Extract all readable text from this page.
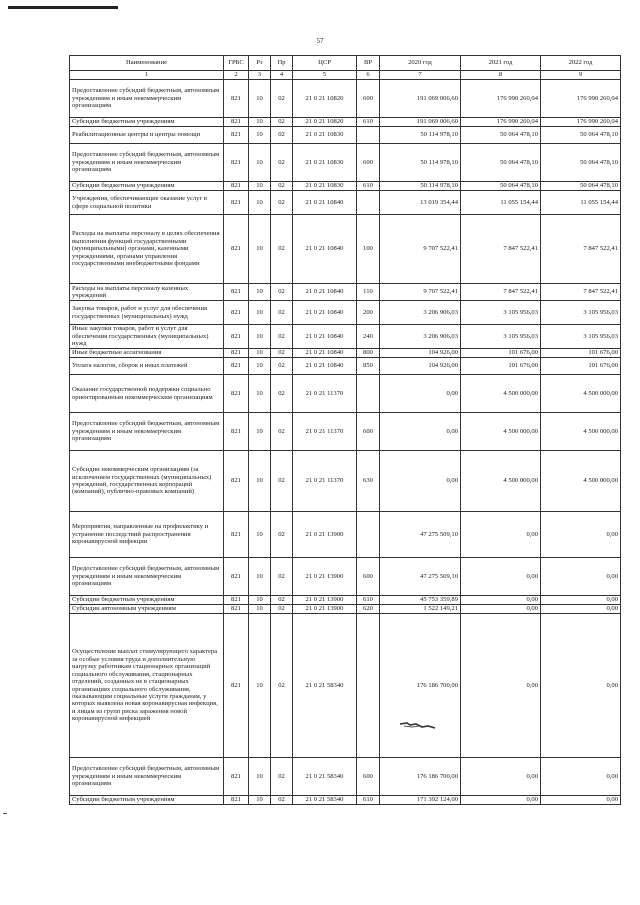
57
Наименование	ГРБС	Рз	Пр	ЦСР	ВР	2020 год	2021 год	2022 год
1	2	3	4	5	6	7	8	9
Предоставление субсидий бюджетным, автономным учреждениям и иным некоммерческим организациям	821	10	02	21 0 21 10820	600	191 069 006,60	176 990 260,04	176 990 260,04
Субсидии бюджетным учреждениям	821	10	02	21 0 21 10820	610	191 069 006,60	176 990 260,04	176 990 260,04
Реабилитационные центры и центры помощи	821	10	02	21 0 21 10830		50 114 978,10	50 064 478,10	50 064 478,10
Предоставление субсидий бюджетным, автономным учреждениям и иным некоммерческим организациям	821	10	02	21 0 21 10830	600	50 114 978,10	50 064 478,10	50 064 478,10
Субсидии бюджетным учреждениям	821	10	02	21 0 21 10830	610	50 114 978,10	50 064 478,10	50 064 478,10
Учреждения, обеспечивающие оказание услуг в сфере социальной политики	821	10	02	21 0 21 10840		13 019 354,44	11 055 154,44	11 055 154,44
Расходы на выплаты персоналу в целях обеспечения выполнения функций государственными (муниципальными) органами, казенными учреждениями, органами управления государственными внебюджетными фондами	821	10	02	21 0 21 10840	100	9 707 522,41	7 847 522,41	7 847 522,41
Расходы на выплаты персоналу казенных учреждений	821	10	02	21 0 21 10840	110	9 707 522,41	7 847 522,41	7 847 522,41
Закупка товаров, работ и услуг для обеспечения государственных (муниципальных) нужд	821	10	02	21 0 21 10840	200	3 206 906,03	3 105 956,03	3 105 956,03
Иные закупки товаров, работ и услуг для обеспечения государственных (муниципальных) нужд	821	10	02	21 0 21 10840	240	3 206 906,03	3 105 956,03	3 105 956,03
Иные бюджетные ассигнования	821	10	02	21 0 21 10840	800	104 926,00	101 676,00	101 676,00
Уплата налогов, сборов и иных платежей	821	10	02	21 0 21 10840	850	104 926,00	101 676,00	101 676,00
Оказание государственной поддержки социально ориентированным некоммерческим организациям	821	10	02	21 0 21 11370		0,00	4 500 000,00	4 500 000,00
Предоставление субсидий бюджетным, автономным учреждениям и иным некоммерческим организациям	821	10	02	21 0 21 11370	600	0,00	4 500 000,00	4 500 000,00
Субсидии некоммерческим организациям (за исключением государственных (муниципальных) учреждений, государственных корпораций (компаний), публично-правовых компаний)	821	10	02	21 0 21 11370	630	0,00	4 500 000,00	4 500 000,00
Мероприятия, направленные на профилактику и устранение последствий распространения коронавирусной инфекции	821	10	02	21 0 21 13900		47 275 509,10	0,00	0,00
Предоставление субсидий бюджетным, автономным учреждениям и иным некоммерческим организациям	821	10	02	21 0 21 13900	600	47 275 509,10	0,00	0,00
Субсидии бюджетным учреждениям	821	10	02	21 0 21 13900	610	45 753 359,89	0,00	0,00
Субсидии автономным учреждениям	821	10	02	21 0 21 13900	620	1 522 149,21	0,00	0,00
Осуществление выплат стимулирующего характера за особые условия труда и дополнительную нагрузку работникам стационарных организаций социального обслуживания, стационарных отделений, созданных не в стационарных организациях социального обслуживания, оказывающим социальные услуги гражданам, у которых выявлена новая коронавирусная инфекция, и лицам из групп риска заражения новой коронавирусной инфекцией	821	10	02	21 0 21 58340		176 186 700,00	0,00	0,00
Предоставление субсидий бюджетным, автономным учреждениям и иным некоммерческим организациям	821	10	02	21 0 21 58340	600	176 186 700,00	0,00	0,00
Субсидии бюджетным учреждениям	821	10	02	21 0 21 58340	610	171 392 124,00	0,00	0,00
